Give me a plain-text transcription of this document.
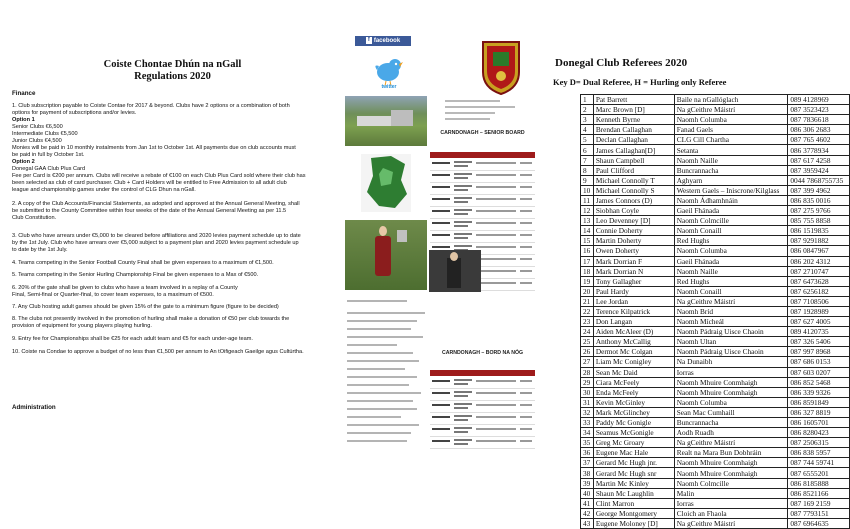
Coiste Chontae Dhún na nGall
Regulations 2020
Finance
1. Club subscription payable to Coiste Contae for 2017 & beyond. Clubs have 2 options or a combination of both
options for payment of subscriptions and/or levies.
Option 1
Senior Clubs €6,500
Intermediate Clubs €5,500
Junior Clubs €4,500
Monies will be paid in 10 monthly instalments from Jan 1st to October 1st. All payments due on club accounts must
be paid in full by October 1st.
Option 2
Donegal GAA Club Plus Card
Fee per Card is €200 per annum. Clubs will receive a rebate of €100 on each Club Plus Card sold where their club has
been selected as club of card purchaser. Club + Card Holders will be entitled to Free Admission to all adult club
league and championship games under the control of CLG Dhun na nGall.
2. A copy of the Club Accounts/Financial Statements, as adopted and approved at the Annual General Meeting, shall
be submitted to the County Committee within four weeks of the date of the Annual General Meeting as per 11.5
Club Constitution.
3. Club who have arrears under €5,000 to be cleared before affiliations and 2020 levies payment schedule up to date
by the 1st July. Club who have arrears over €5,000 subject to a payment plan and 2020 levies payment schedule up
to date by the 1st July.
4. Teams competing in the Senior Football County Final shall be given expenses to a maximum of €1,500.
5. Teams competing in the Senior Hurling Championship Final be given expenses to a Max of €500.
6. 20% of the gate shall be given to clubs who have a team involved in a replay of a County
Final, Semi-final or Quarter-final, to cover team expenses, to a maximum of €500.
7. Any Club hosting adult games should be given 15% of the gate to a minimum figure (figure to be decided)
8. The clubs not presently involved in the promotion of hurling shall make a donation of €50 per club towards the
provision of equipment for young players playing hurling.
9. Entry fee for Championships shall be €25 for each adult team and €5 for each under-age team.
10. Coiste na Condae to approve a budget of no less than €1,500 per annum to An tOifigeach Gaeilge agus Cultúrtha.
Administration
f facebook
twitter
CARNDONAGH – SENIOR BOARD
CARNDONAGH – BORD NA NÓG
Donegal Club Referees 2020
Key D= Dual Referee, H = Hurling only Referee
1	Pat Barrett	Baile na nGallóglach	089 4128969
2	Marc Brown [D]	Na gCeithre Máistrí	087 3523423
3	Kenneth Byrne	Naomh Columba	087 7836618
4	Brendan Callaghan	Fanad Gaels	086 306 2683
5	Declan Callaghan	CLG Cill Chartha	087 765 4602
6	James Callaghan[D]	Setanta	086 3778934
7	Shaun Campbell	Naomh Naille	087 617 4258
8	Paul Clifford	Buncrannacha	087 3959424
9	Michael Connolly T	Aghyarn	0044 7868755735
10	Michael Connolly S	Western Gaels – Iniscrone/Kilglass	087 399 4962
11	James Connors (D)	Naomh Ádhamhnáin	086 835 0016
12	Siobhan Coyle	Gaeil Fhánada	087 275 9766
13	Leo Devenney [D]	Naomh Colmcille	085 755 8858
14	Connie Doherty	Naomh Conaill	086 1519835
15	Martin Doherty	Red Hughs	087 9291882
16	Owen Doherty	Naomh Columba	086 0847967
17	Mark Dorrian F	Gaeil Fhánada	086 202 4312
18	Mark Dorrian N	Naomh Naille	087 2710747
19	Tony Gallagher	Red Hughs	087 6473628
20	Paul Hardy	Naomh Conaill	087 6256182
21	Lee Jordan	Na gCeithre Máistrí	087 7108506
22	Terence Kilpatrick	Naomh Bríd	087 1928989
23	Don Langan	Naomh Mícheál	087 627 4005
24	Aiden McAleer (D)	Naomh Pádraig Uisce Chaoin	089 4120735
25	Anthony McCallig	Naomh Ultan	087 326 5406
26	Dermot Mc Colgan	Naomh Pádraig Uisce Chaoin	087 997 8968
27	Liam Mc Conigley	Na Dunaibh	087 686 0153
28	Sean Mc Daid	Iorras	087 603 0207
29	Ciara McFeely	Naomh Mhuire Conmhaigh	086 852 5468
30	Enda McFeely	Naomh Mhuire Conmhaigh	086 339 9326
31	Kevin McGinley	Naomh Columba	086 8591849
32	Mark McGlinchey	Sean Mac Cumhaill	086 327 8819
33	Paddy Mc Gonigle	Buncrannacha	086 1605701
34	Seamus McGonigle	Aodh Ruadh	086 8280423
35	Greg Mc Groary	Na gCeithre Máistrí	087 2506315
36	Eugene Mac Hale	Realt na Mara Bun Dobhráin	086 838 5957
37	Gerard Mc Hugh jnr.	Naomh Mhuire Conmhaigh	087 744 59741
38	Gerard Mc Hugh snr	Naomh Mhuire Conmhaigh	087 6555201
39	Martin Mc Kinley	Naomh Colmcille	086 8185888
40	Shaun Mc Laughlin	Malin	086 8521166
41	Clint Marron	Iorras	087 169 2159
42	George Montgomery	Cloich an Fhaola	087 7793151
43	Eugene Moloney [D]	Na gCeithre Máistrí	087 6964635
